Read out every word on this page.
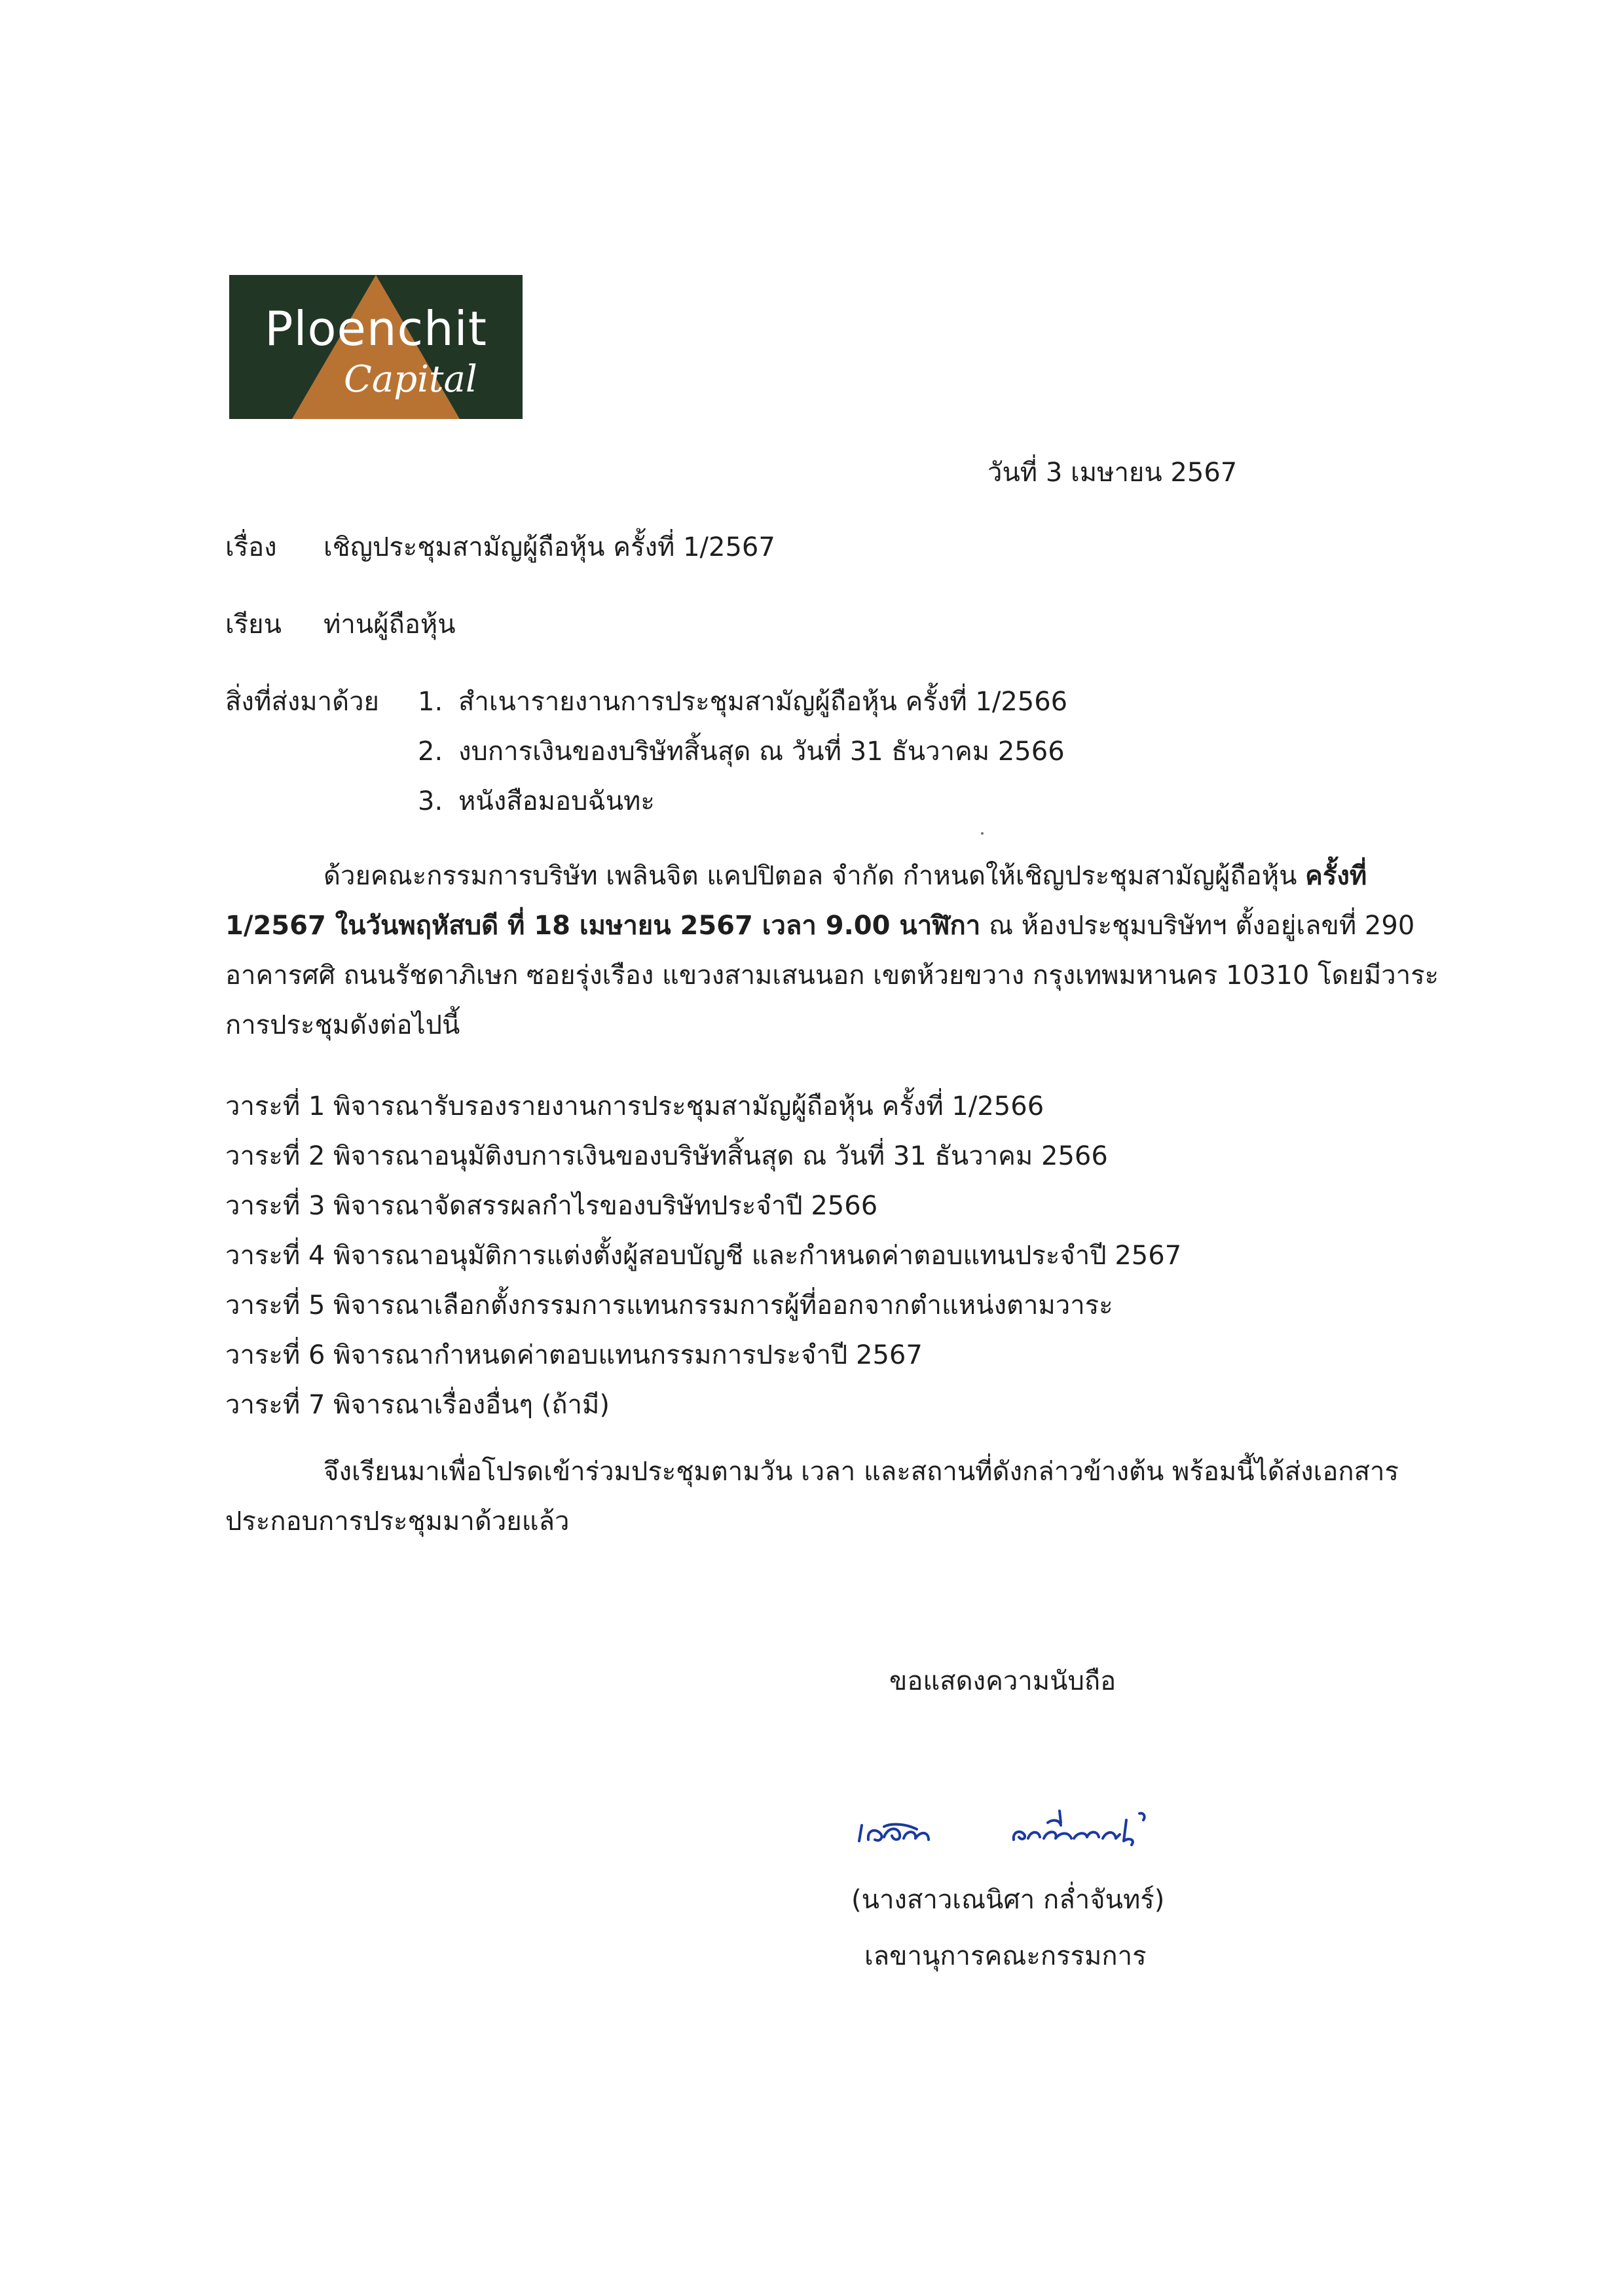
Ploenchit
Capital
วันที่ 3 เมษายน 2567
เรื่อง เชิญประชุมสามัญผู้ถือหุ้น ครั้งที่ 1/2567
เรียน ท่านผู้ถือหุ้น
สิ่งที่ส่งมาด้วย 1. สำเนารายงานการประชุมสามัญผู้ถือหุ้น ครั้งที่ 1/2566
2. งบการเงินของบริษัทสิ้นสุด ณ วันที่ 31 ธันวาคม 2566
3. หนังสือมอบฉันทะ
ด้วยคณะกรรมการบริษัท เพลินจิต แคปปิตอล จำกัด กำหนดให้เชิญประชุมสามัญผู้ถือหุ้น ครั้งที่ 1/2567 ในวันพฤหัสบดี ที่ 18 เมษายน 2567 เวลา 9.00 นาฬิกา ณ ห้องประชุมบริษัทฯ ตั้งอยู่เลขที่ 290 อาคารศศิ ถนนรัชดาภิเษก ซอยรุ่งเรือง แขวงสามเสนนอก เขตห้วยขวาง กรุงเทพมหานคร 10310 โดยมีวาระการประชุมดังต่อไปนี้
วาระที่ 1 พิจารณารับรองรายงานการประชุมสามัญผู้ถือหุ้น ครั้งที่ 1/2566
วาระที่ 2 พิจารณาอนุมัติงบการเงินของบริษัทสิ้นสุด ณ วันที่ 31 ธันวาคม 2566
วาระที่ 3 พิจารณาจัดสรรผลกำไรของบริษัทประจำปี 2566
วาระที่ 4 พิจารณาอนุมัติการแต่งตั้งผู้สอบบัญชี และกำหนดค่าตอบแทนประจำปี 2567
วาระที่ 5 พิจารณาเลือกตั้งกรรมการแทนกรรมการผู้ที่ออกจากตำแหน่งตามวาระ
วาระที่ 6 พิจารณากำหนดค่าตอบแทนกรรมการประจำปี 2567
วาระที่ 7 พิจารณาเรื่องอื่นๆ (ถ้ามี)
จึงเรียนมาเพื่อโปรดเข้าร่วมประชุมตามวัน เวลา และสถานที่ดังกล่าวข้างต้น พร้อมนี้ได้ส่งเอกสารประกอบการประชุมมาด้วยแล้ว
ขอแสดงความนับถือ
(นางสาวเณนิศา กล่ำจันทร์)
เลขานุการคณะกรรมการ
